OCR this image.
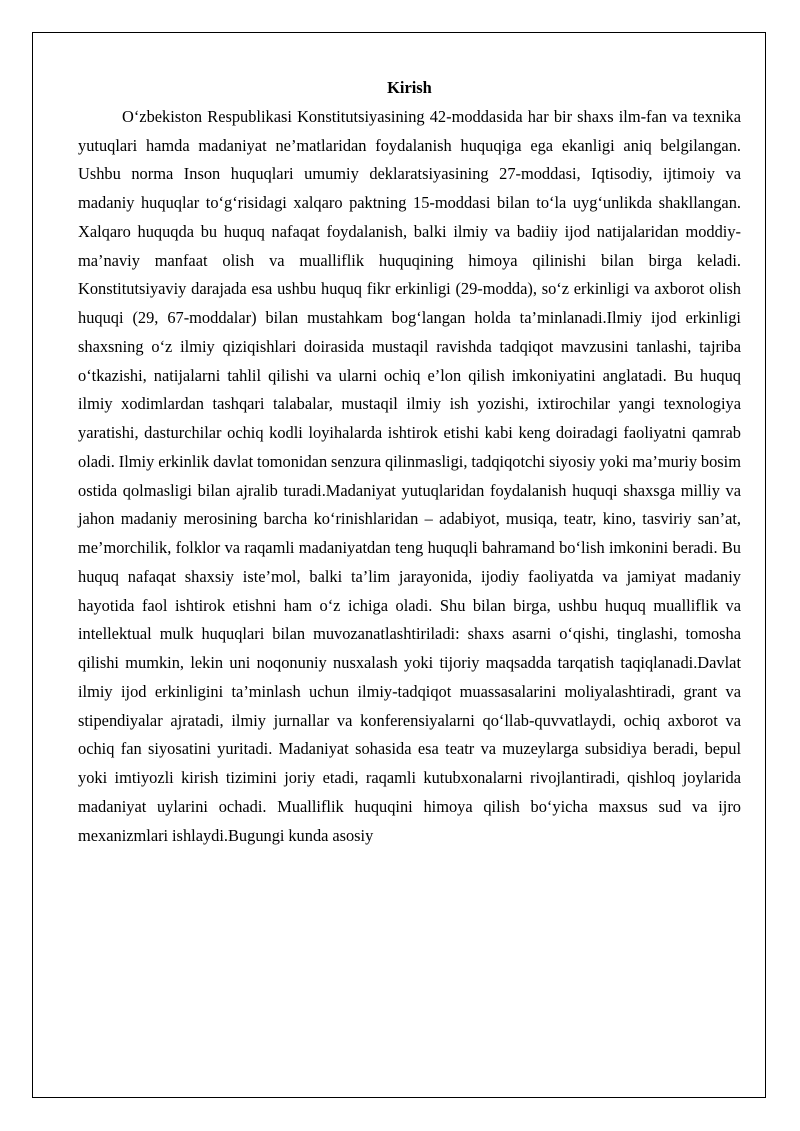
Kirish

O‘zbekiston Respublikasi Konstitutsiyasining 42-moddasida har bir shaxs ilm-fan va texnika yutuqlari hamda madaniyat ne’matlaridan foydalanish huquqiga ega ekanligi aniq belgilangan. Ushbu norma Inson huquqlari umumiy deklaratsiyasining 27-moddasi, Iqtisodiy, ijtimoiy va madaniy huquqlar to‘g‘risidagi xalqaro paktning 15-moddasi bilan to‘la uyg‘unlikda shakllangan. Xalqaro huquqda bu huquq nafaqat foydalanish, balki ilmiy va badiiy ijod natijalaridan moddiy-ma’naviy manfaat olish va mualliflik huquqining himoya qilinishi bilan birga keladi. Konstitutsiyaviy darajada esa ushbu huquq fikr erkinligi (29-modda), so‘z erkinligi va axborot olish huquqi (29, 67-moddalar) bilan mustahkam bog‘langan holda ta’minlanadi.Ilmiy ijod erkinligi shaxsning o‘z ilmiy qiziqishlari doirasida mustaqil ravishda tadqiqot mavzusini tanlashi, tajriba o‘tkazishi, natijalarni tahlil qilishi va ularni ochiq e’lon qilish imkoniyatini anglatadi. Bu huquq ilmiy xodimlardan tashqari talabalar, mustaqil ilmiy ish yozishi, ixtirochilar yangi texnologiya yaratishi, dasturchilar ochiq kodli loyihalarda ishtirok etishi kabi keng doiradagi faoliyatni qamrab oladi. Ilmiy erkinlik davlat tomonidan senzura qilinmasligi, tadqiqotchi siyosiy yoki ma’muriy bosim ostida qolmasligi bilan ajralib turadi.Madaniyat yutuqlaridan foydalanish huquqi shaxsga milliy va jahon madaniy merosining barcha ko‘rinishlaridan – adabiyot, musiqa, teatr, kino, tasviriy san’at, me’morchilik, folklor va raqamli madaniyatdan teng huquqli bahramand bo‘lish imkonini beradi. Bu huquq nafaqat shaxsiy iste’mol, balki ta’lim jarayonida, ijodiy faoliyatda va jamiyat madaniy hayotida faol ishtirok etishni ham o‘z ichiga oladi. Shu bilan birga, ushbu huquq mualliflik va intellektual mulk huquqlari bilan muvozanatlashtiriladi: shaxs asarni o‘qishi, tinglashi, tomosha qilishi mumkin, lekin uni noqonuniy nusxalash yoki tijoriy maqsadda tarqatish taqiqlanadi.Davlat ilmiy ijod erkinligini ta’minlash uchun ilmiy-tadqiqot muassasalarini moliyalashtiradi, grant va stipendiyalar ajratadi, ilmiy jurnallar va konferensiyalarni qo‘llab-quvvatlaydi, ochiq axborot va ochiq fan siyosatini yuritadi. Madaniyat sohasida esa teatr va muzeylarga subsidiya beradi, bepul yoki imtiyozli kirish tizimini joriy etadi, raqamli kutubxonalarni rivojlantiradi, qishloq joylarida madaniyat uylarini ochadi. Mualliflik huquqini himoya qilish bo‘yicha maxsus sud va ijro mexanizmlari ishlaydi.Bugungi kunda asosiy
